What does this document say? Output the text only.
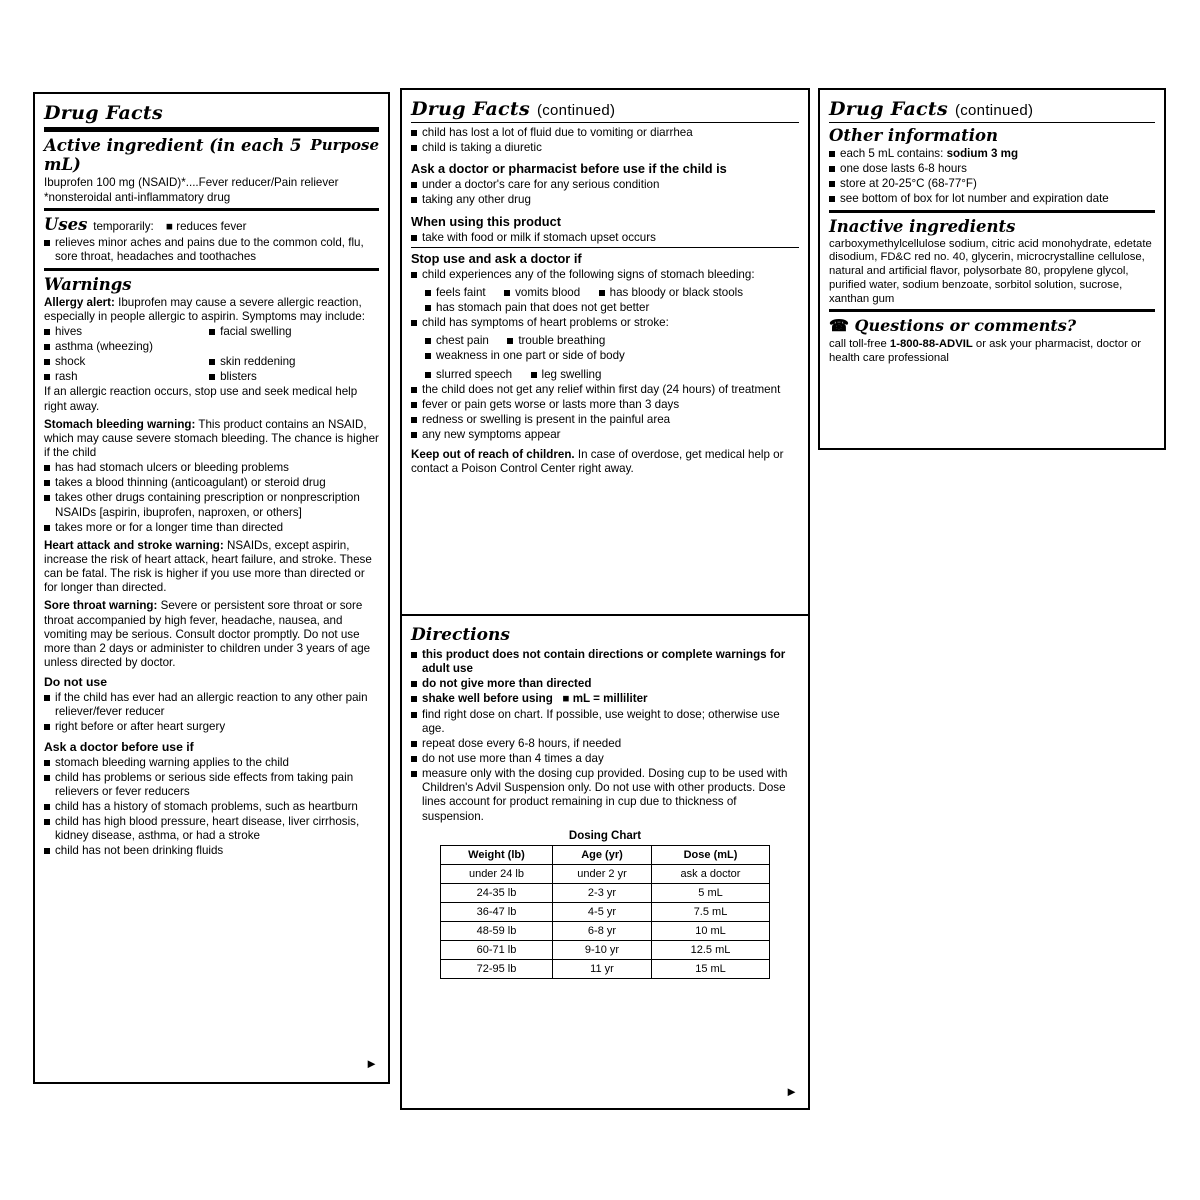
Drug Facts
Purpose
Active ingredient (in each 5 mL)

Ibuprofen 100 mg (NSAID)*....Fever reducer/Pain reliever

*nonsteroidal anti-inflammatory drug

Uses temporarily:   ■ reduces fever
relieves minor aches and pains due to the common cold, flu, sore throat, headaches and toothaches
Warnings

Allergy alert: Ibuprofen may cause a severe allergic reaction, especially in people allergic to aspirin. Symptoms may include:

hives	facial swelling
asthma (wheezing)
shock	skin reddening
rash	blisters

If an allergic reaction occurs, stop use and seek medical help right away.

Stomach bleeding warning: This product contains an NSAID, which may cause severe stomach bleeding. The chance is higher if the child

has had stomach ulcers or bleeding problems
takes a blood thinning (anticoagulant) or steroid drug
takes other drugs containing prescription or nonprescription NSAIDs [aspirin, ibuprofen, naproxen, or others]
takes more or for a longer time than directed

Heart attack and stroke warning: NSAIDs, except aspirin, increase the risk of heart attack, heart failure, and stroke. These can be fatal. The risk is higher if you use more than directed or for longer than directed.

Sore throat warning: Severe or persistent sore throat or sore throat accompanied by high fever, headache, nausea, and vomiting may be serious. Consult doctor promptly. Do not use more than 2 days or administer to children under 3 years of age unless directed by doctor.

Do not use
if the child has ever had an allergic reaction to any other pain reliever/fever reducer
right before or after heart surgery
Ask a doctor before use if
stomach bleeding warning applies to the child
child has problems or serious side effects from taking pain relievers or fever reducers
child has a history of stomach problems, such as heartburn
child has high blood pressure, heart disease, liver cirrhosis, kidney disease, asthma, or had a stroke
child has not been drinking fluids
►
Drug Facts (continued)
child has lost a lot of fluid due to vomiting or diarrhea
child is taking a diuretic
Ask a doctor or pharmacist before use if the child is
under a doctor's care for any serious condition
taking any other drug
When using this product
take with food or milk if stomach upset occurs
Stop use and ask a doctor if
child experiences any of the following signs of stomach bleeding:
feels faint	vomits blood	has bloody or black stools
has stomach pain that does not get better
child has symptoms of heart problems or stroke:
chest pain	trouble breathing
weakness in one part or side of body
slurred speech	leg swelling
the child does not get any relief within first day (24 hours) of treatment
fever or pain gets worse or lasts more than 3 days
redness or swelling is present in the painful area
any new symptoms appear

Keep out of reach of children. In case of overdose, get medical help or contact a Poison Control Center right away.

Directions
this product does not contain directions or complete warnings for adult use
do not give more than directed
shake well before using   ■ mL = milliliter
find right dose on chart. If possible, use weight to dose; otherwise use age.
repeat dose every 6-8 hours, if needed
do not use more than 4 times a day
measure only with the dosing cup provided. Dosing cup to be used with Children's Advil Suspension only. Do not use with other products. Dose lines account for product remaining in cup due to thickness of suspension.
Dosing Chart
Weight (lb)	Age (yr)	Dose (mL)
under 24 lb	under 2 yr	ask a doctor
24-35 lb	2-3 yr	5 mL
36-47 lb	4-5 yr	7.5 mL
48-59 lb	6-8 yr	10 mL
60-71 lb	9-10 yr	12.5 mL
72-95 lb	11 yr	15 mL
►
Drug Facts (continued)
Other information
each 5 mL contains: sodium 3 mg
one dose lasts 6-8 hours
store at 20-25°C (68-77°F)
see bottom of box for lot number and expiration date
Inactive ingredients

carboxymethylcellulose sodium, citric acid monohydrate, edetate disodium, FD&C red no. 40, glycerin, microcrystalline cellulose, natural and artificial flavor, polysorbate 80, propylene glycol, purified water, sodium benzoate, sorbitol solution, sucrose, xanthan gum

☎ Questions or comments?

call toll-free 1-800-88-ADVIL or ask your pharmacist, doctor or health care professional
